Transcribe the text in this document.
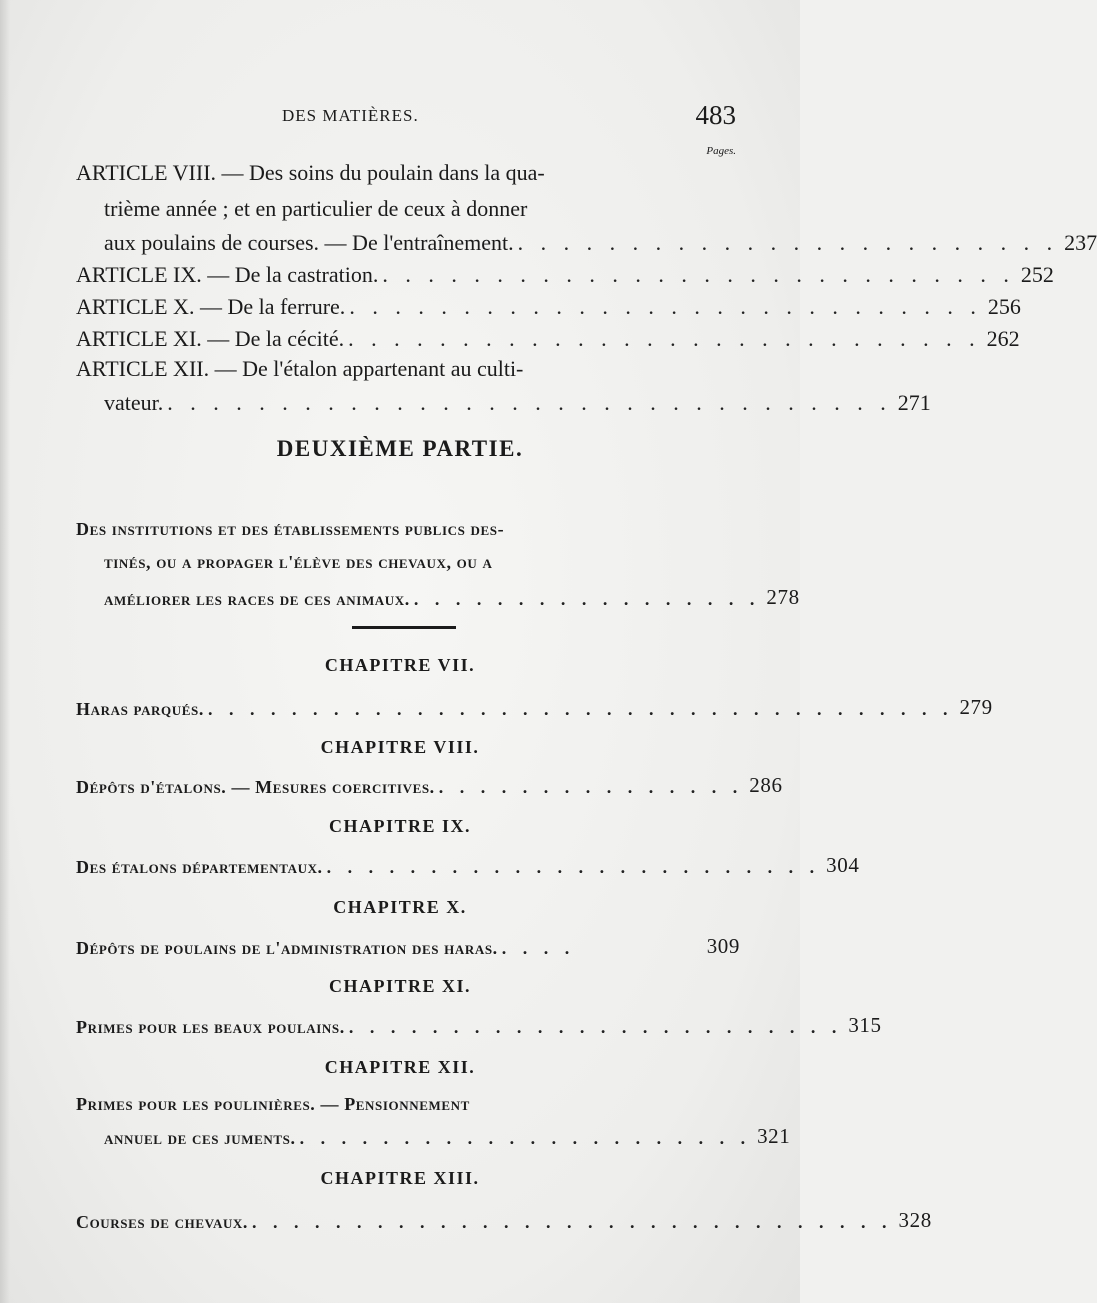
DES MATIÈRES.	483
Pages.
ARTICLE VIII. — Des soins du poulain dans la qua-
trième année ; et en particulier de ceux à donner
aux poulains de courses. — De l'entraînement. . . . . . . . . . . . . . . . . . . . . . . . . 237
ARTICLE IX. — De la castration. . . . . . . . . . . . . . . . . . . . . . . . . . . . . 252
ARTICLE X. — De la ferrure. . . . . . . . . . . . . . . . . . . . . . . . . . . . . 256
ARTICLE XI. — De la cécité. . . . . . . . . . . . . . . . . . . . . . . . . . . . . 262
ARTICLE XII. — De l'étalon appartenant au culti-
vateur. . . . . . . . . . . . . . . . . . . . . . . . . . . . . . . . . 271
DEUXIÈME PARTIE.
Des institutions et des établissements publics des-
tinés, ou a propager l'élève des chevaux, ou a
améliorer les races de ces animaux. . . . . . . . . . . . . . . . . . 278
CHAPITRE VII.
Haras parqués. . . . . . . . . . . . . . . . . . . . . . . . . . . . . . . . . . . . . 279
CHAPITRE VIII.
Dépôts d'étalons. — Mesures coercitives. . . . . . . . . . . . . . . . 286
CHAPITRE IX.
Des étalons départementaux. . . . . . . . . . . . . . . . . . . . . . . . . 304
CHAPITRE X.
Dépôts de poulains de l'administration des haras. . . . .	309
CHAPITRE XI.
Primes pour les beaux poulains. . . . . . . . . . . . . . . . . . . . . . . . . 315
CHAPITRE XII.
Primes pour les poulinières. — Pensionnement
annuel de ces juments. . . . . . . . . . . . . . . . . . . . . . . 321
CHAPITRE XIII.
Courses de chevaux. . . . . . . . . . . . . . . . . . . . . . . . . . . . . . . . 328
